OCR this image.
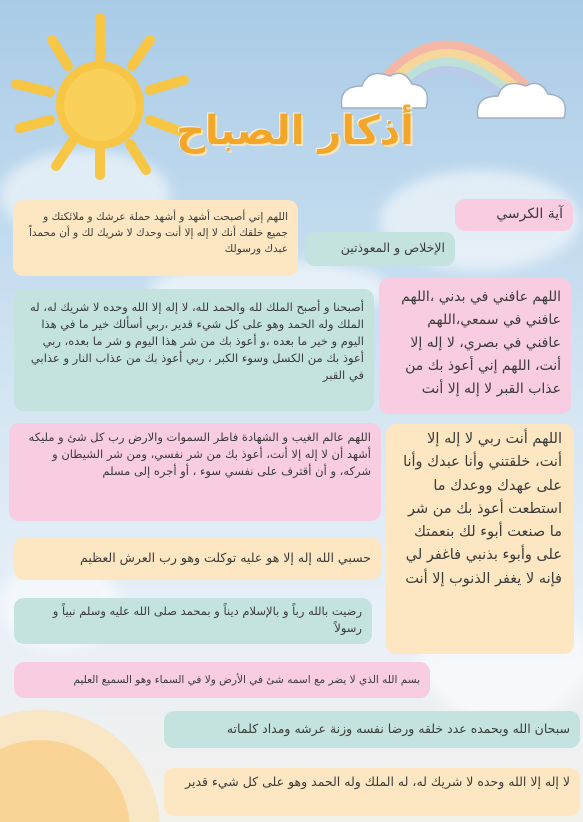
أذكار الصباح
آية الكرسي
الإخلاص و المعوذتين
اللهم إني أصبحت أشهد و أشهد حملة عرشك و ملائكتك و جميع خلقك أنك لا إله إلا أنت وحدك لا شريك لك و أن محمداً عبدك ورسولك
اللهم عافني في بدني ،اللهم عافني في سمعي،اللهم عافني في بصري، لا إله إلا أنت، اللهم إني أعوذ بك من عذاب القبر لا إله إلا أنت
أصبحنا و أصبح الملك لله والحمد لله، لا إله إلا الله وحده لا شريك له، له الملك وله الحمد وهو على كل شيء قدير ،ربي أسألك خير ما في هذا اليوم و خير ما بعده ،و أعوذ بك من شر هذا اليوم و شر ما بعده، ربي أعوذ بك من الكسل وسوء الكبر ، ربي أعوذ بك من عذاب النار و عذابي في القبر
اللهم عالم الغيب و الشهادة فاطر السموات والارض رب كل شئ و مليكه أشهد أن لا إله إلا أنت، أعوذ بك من شر نفسي، ومن شر الشيطان و شركه، و أن أقترف على نفسي سوء ، أو أجره إلى مسلم
اللهم أنت ربي لا إله إلا أنت، خلقتني وأنا عبدك وأنا على عهدك ووعدك ما استطعت أعوذ بك من شر ما صنعت أبوء لك بنعمتك على وأبوء بذنبي فاغفر لي فإنه لا يغفر الذنوب إلا أنت
حسبي الله إله إلا هو عليه توكلت وهو رب العرش العظيم
رضيت بالله رباً و بالإسلام ديناً و بمحمد صلى الله عليه وسلم نبياً و رسولاً
بسم الله الذي لا يضر مع اسمه شئ في الأرض ولا في السماء وهو السميع العليم
سبحان الله وبحمده عدد خلقه ورضا نفسه وزنة عرشه ومداد كلماته
لا إله إلا الله وحده لا شريك له، له الملك وله الحمد وهو على كل شيء قدير
